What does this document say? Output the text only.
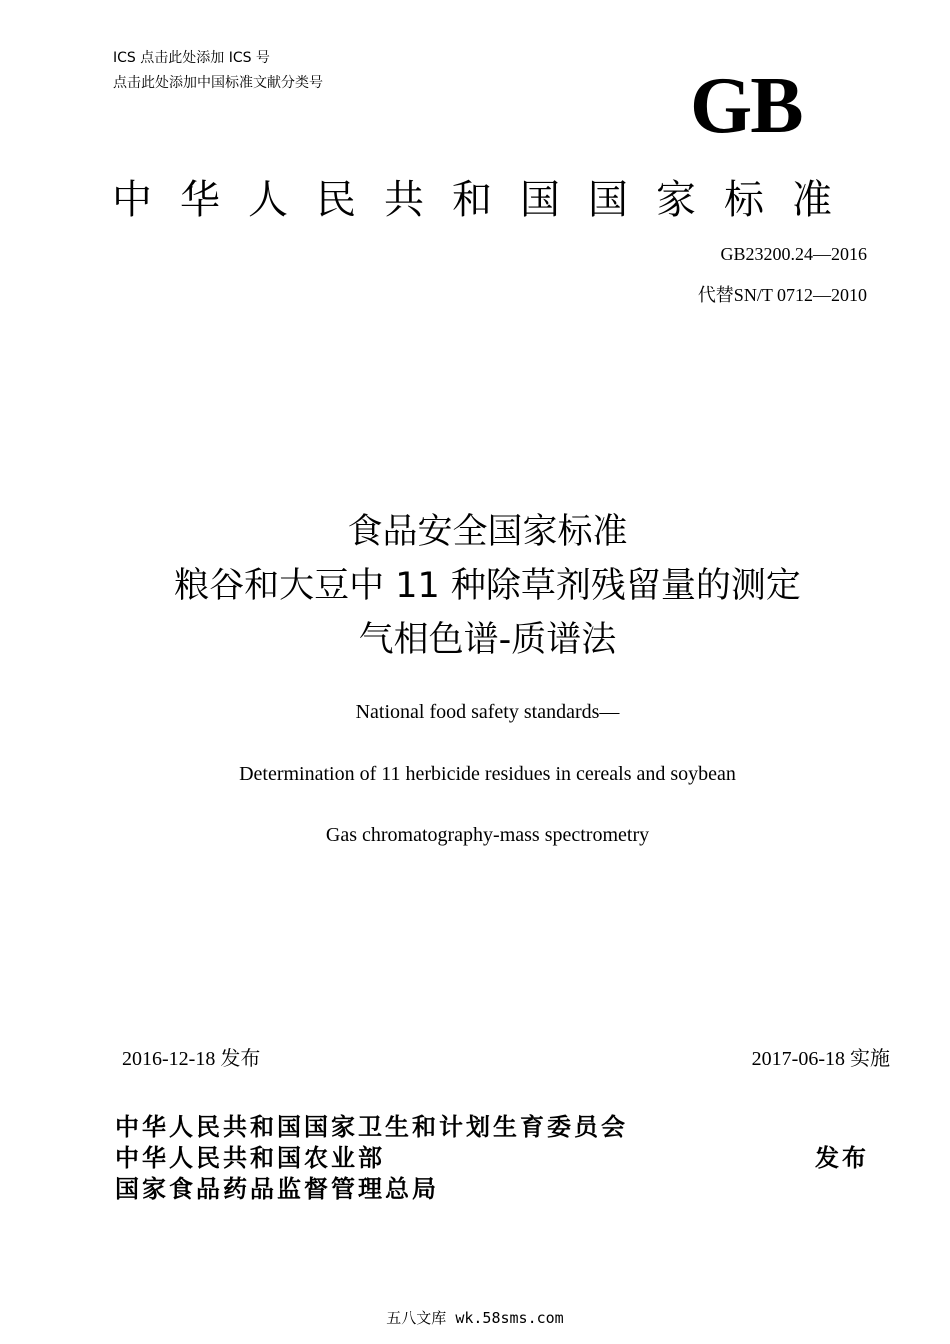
ICS 点击此处添加 ICS 号
点击此处添加中国标准文献分类号	GB
中华人民共和国国家标准
GB23200.24—2016
代替SN/T 0712—2010
食品安全国家标准
粮谷和大豆中 11 种除草剂残留量的测定
气相色谱-质谱法
National food safety standards—
Determination of 11 herbicide residues in cereals and soybean
Gas chromatography-mass spectrometry
2016-12-18 发布	2017-06-18 实施
中华人民共和国国家卫生和计划生育委员会
中华人民共和国农业部
国家食品药品监督管理总局
发布
五八文库 wk.58sms.com
